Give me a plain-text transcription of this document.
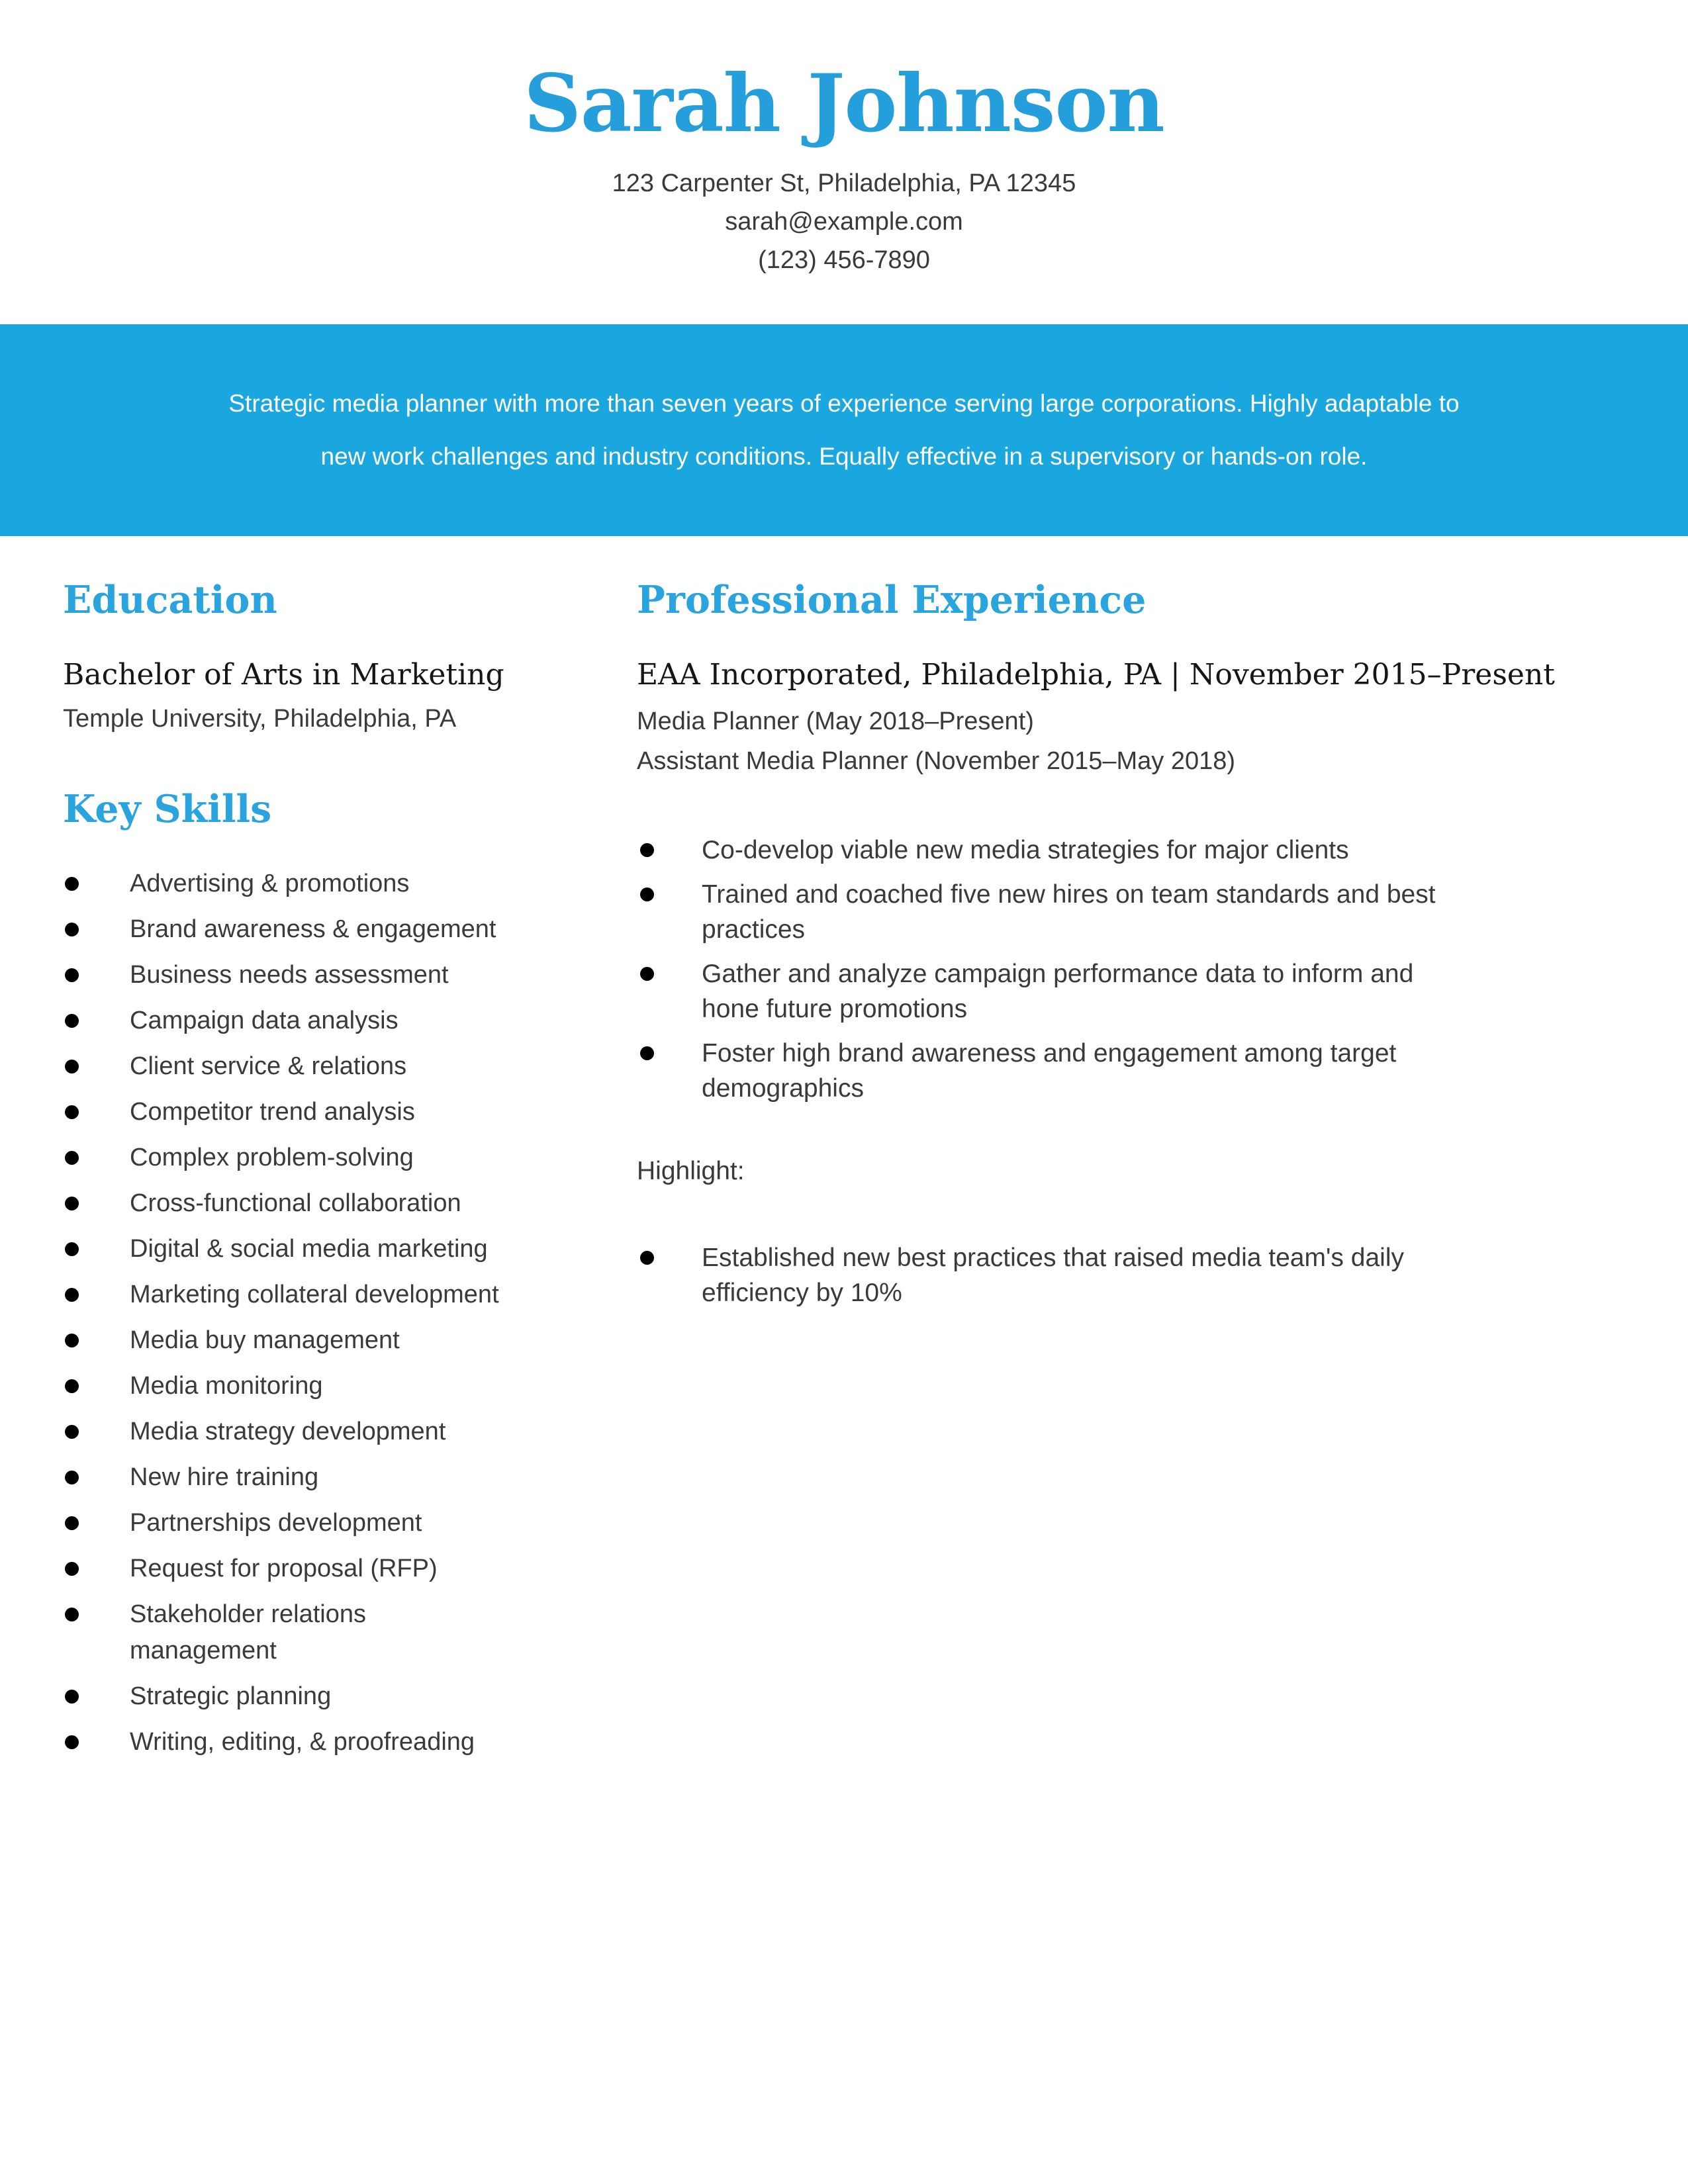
Sarah Johnson

123 Carpenter St, Philadelphia, PA 12345

sarah@example.com

(123) 456-7890

Strategic media planner with more than seven years of experience serving large corporations. Highly adaptable to new work challenges and industry conditions. Equally effective in a supervisory or hands-on role.

Education

Bachelor of Arts in Marketing

Temple University, Philadelphia, PA

Key Skills
Advertising & promotions
Brand awareness & engagement
Business needs assessment
Campaign data analysis
Client service & relations
Competitor trend analysis
Complex problem-solving
Cross-functional collaboration
Digital & social media marketing
Marketing collateral development
Media buy management
Media monitoring
Media strategy development
New hire training
Partnerships development
Request for proposal (RFP)
Stakeholder relations management
Strategic planning
Writing, editing, & proofreading
Professional Experience

EAA Incorporated, Philadelphia, PA | November 2015–Present

Media Planner (May 2018–Present)

Assistant Media Planner (November 2015–May 2018)

Co-develop viable new media strategies for major clients
Trained and coached five new hires on team standards and best practices
Gather and analyze campaign performance data to inform and hone future promotions
Foster high brand awareness and engagement among target demographics

Highlight:

Established new best practices that raised media team's daily efficiency by 10%
